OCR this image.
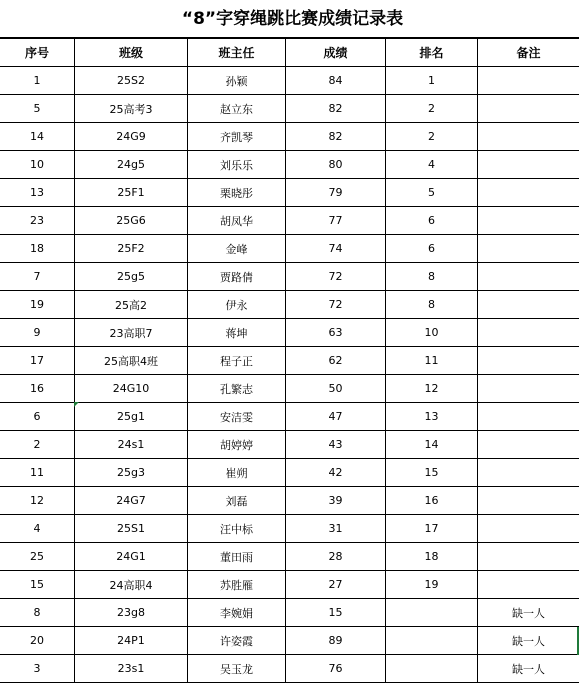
“8”字穿绳跳比赛成绩记录表
序号	班级	班主任	成绩	排名	备注
1	25S2	孙颖	84	1	
5	25高考3	赵立东	82	2	
14	24G9	齐凯琴	82	2	
10	24g5	刘乐乐	80	4	
13	25F1	栗晓彤	79	5	
23	25G6	胡凤华	77	6	
18	25F2	金峰	74	6	
7	25g5	贾路倩	72	8	
19	25高2	伊永	72	8	
9	23高职7	蒋坤	63	10	
17	25高职4班	程子正	62	11	
16	24G10	孔繁志	50	12	
6	25g1	安洁雯	47	13	
2	24s1	胡婷婷	43	14	
11	25g3	崔朔	42	15	
12	24G7	刘磊	39	16	
4	25S1	汪中标	31	17	
25	24G1	董田雨	28	18	
15	24高职4	苏胜雁	27	19	
8	23g8	李婉娟	15		缺一人
20	24P1	许姿霞	89		缺一人
3	23s1	吴玉龙	76		缺一人
